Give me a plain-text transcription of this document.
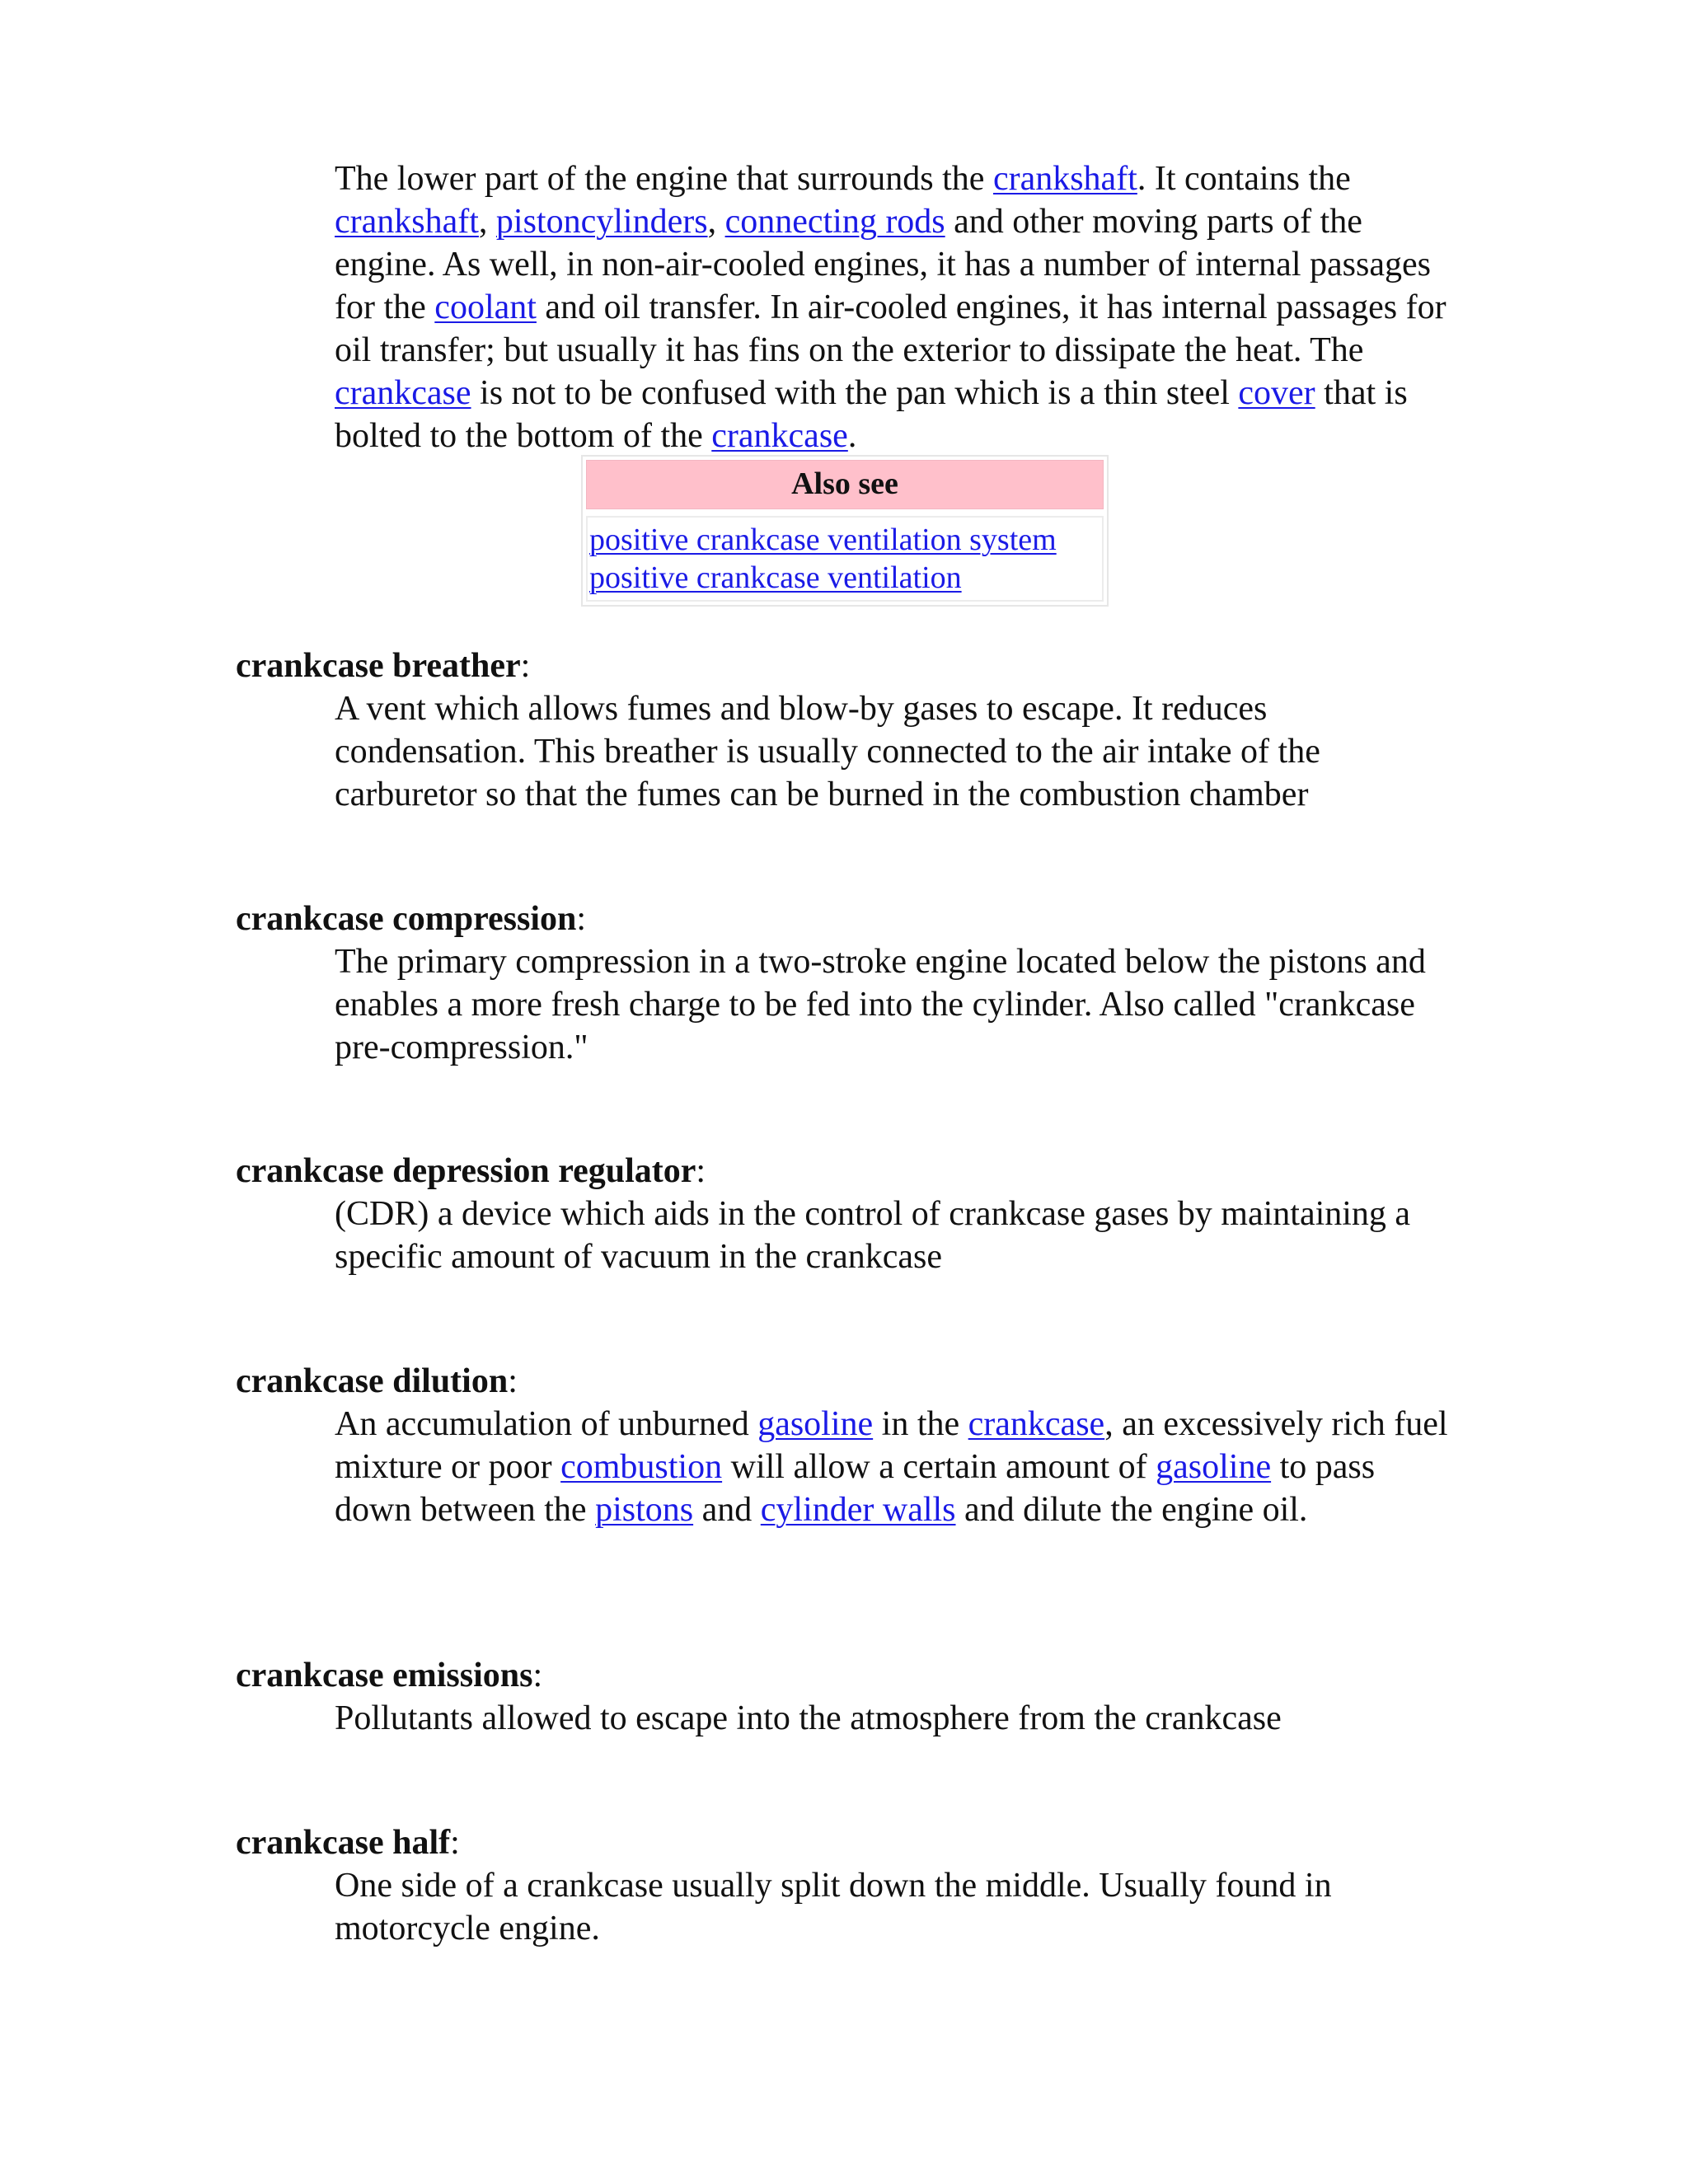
The lower part of the engine that surrounds the crankshaft. It contains the crankshaft, pistoncylinders, connecting rods and other moving parts of the engine. As well, in non-air-cooled engines, it has a number of internal passages for the coolant and oil transfer. In air-cooled engines, it has internal passages for oil transfer; but usually it has fins on the exterior to dissipate the heat. The crankcase is not to be confused with the pan which is a thin steel cover that is bolted to the bottom of the crankcase.
Also see
positive crankcase ventilation system
positive crankcase ventilation
crankcase breather:
A vent which allows fumes and blow-by gases to escape. It reduces condensation. This breather is usually connected to the air intake of the carburetor so that the fumes can be burned in the combustion chamber
crankcase compression:
The primary compression in a two-stroke engine located below the pistons and enables a more fresh charge to be fed into the cylinder. Also called "crankcase pre-compression."
crankcase depression regulator:
(CDR) a device which aids in the control of crankcase gases by maintaining a specific amount of vacuum in the crankcase
crankcase dilution:
An accumulation of unburned gasoline in the crankcase, an excessively rich fuel mixture or poor combustion will allow a certain amount of gasoline to pass down between the pistons and cylinder walls and dilute the engine oil.
crankcase emissions:
Pollutants allowed to escape into the atmosphere from the crankcase
crankcase half:
One side of a crankcase usually split down the middle. Usually found in motorcycle engine.
